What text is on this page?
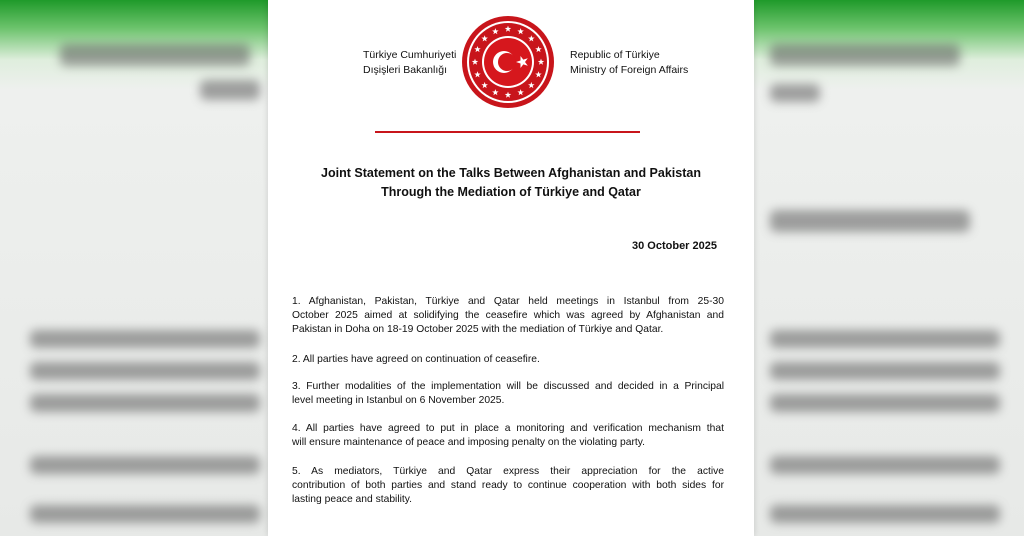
Türkiye Cumhuriyeti
Dışişleri Bakanlığı
Republic of Türkiye
Ministry of Foreign Affairs
Joint Statement on the Talks Between Afghanistan and Pakistan
Through the Mediation of Türkiye and Qatar
30 October 2025
1. Afghanistan, Pakistan, Türkiye and Qatar held meetings in Istanbul from 25-30
October 2025 aimed at solidifying the ceasefire which was agreed by Afghanistan and
Pakistan in Doha on 18-19 October 2025 with the mediation of Türkiye and Qatar.
2. All parties have agreed on continuation of ceasefire.
3. Further modalities of the implementation will be discussed and decided in a Principal
level meeting in Istanbul on 6 November 2025.
4. All parties have agreed to put in place a monitoring and verification mechanism that
will ensure maintenance of peace and imposing penalty on the violating party.
5. As mediators, Türkiye and Qatar express their appreciation for the active
contribution of both parties and stand ready to continue cooperation with both sides for
lasting peace and stability.
